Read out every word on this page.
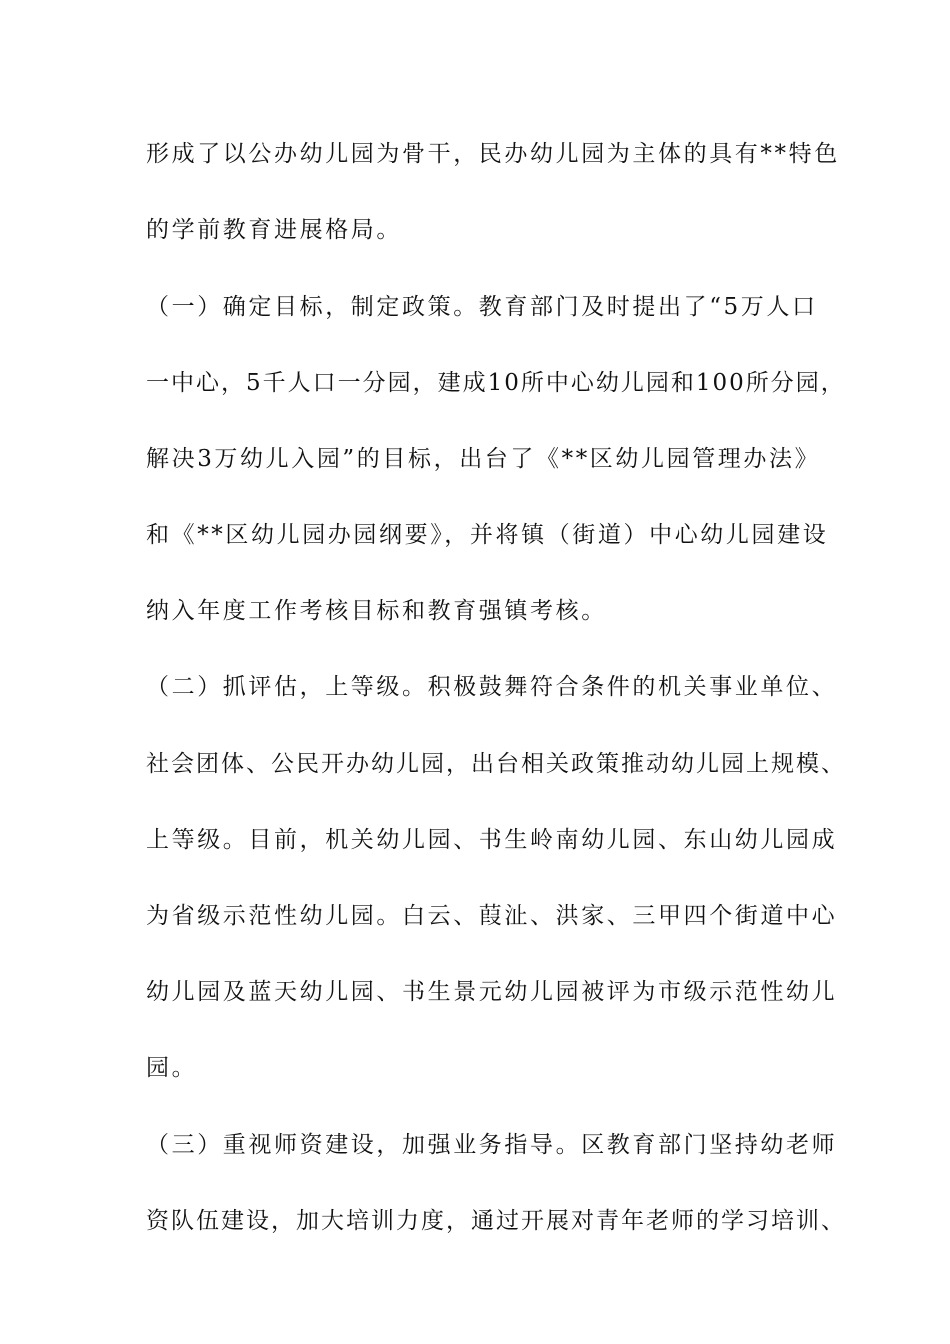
形成了以公办幼儿园为骨干，民办幼儿园为主体的具有**特色
的学前教育进展格局。
（一）确定目标，制定政策。教育部门及时提出了“5万人口
一中心，5千人口一分园，建成10所中心幼儿园和100所分园，
解决3万幼儿入园”的目标，出台了《**区幼儿园管理办法》
和《**区幼儿园办园纲要》，并将镇（街道）中心幼儿园建设
纳入年度工作考核目标和教育强镇考核。
（二）抓评估，上等级。积极鼓舞符合条件的机关事业单位、
社会团体、公民开办幼儿园，出台相关政策推动幼儿园上规模、
上等级。目前，机关幼儿园、书生岭南幼儿园、东山幼儿园成
为省级示范性幼儿园。白云、葭沚、洪家、三甲四个街道中心
幼儿园及蓝天幼儿园、书生景元幼儿园被评为市级示范性幼儿
园。
（三）重视师资建设，加强业务指导。区教育部门坚持幼老师
资队伍建设，加大培训力度，通过开展对青年老师的学习培训、
